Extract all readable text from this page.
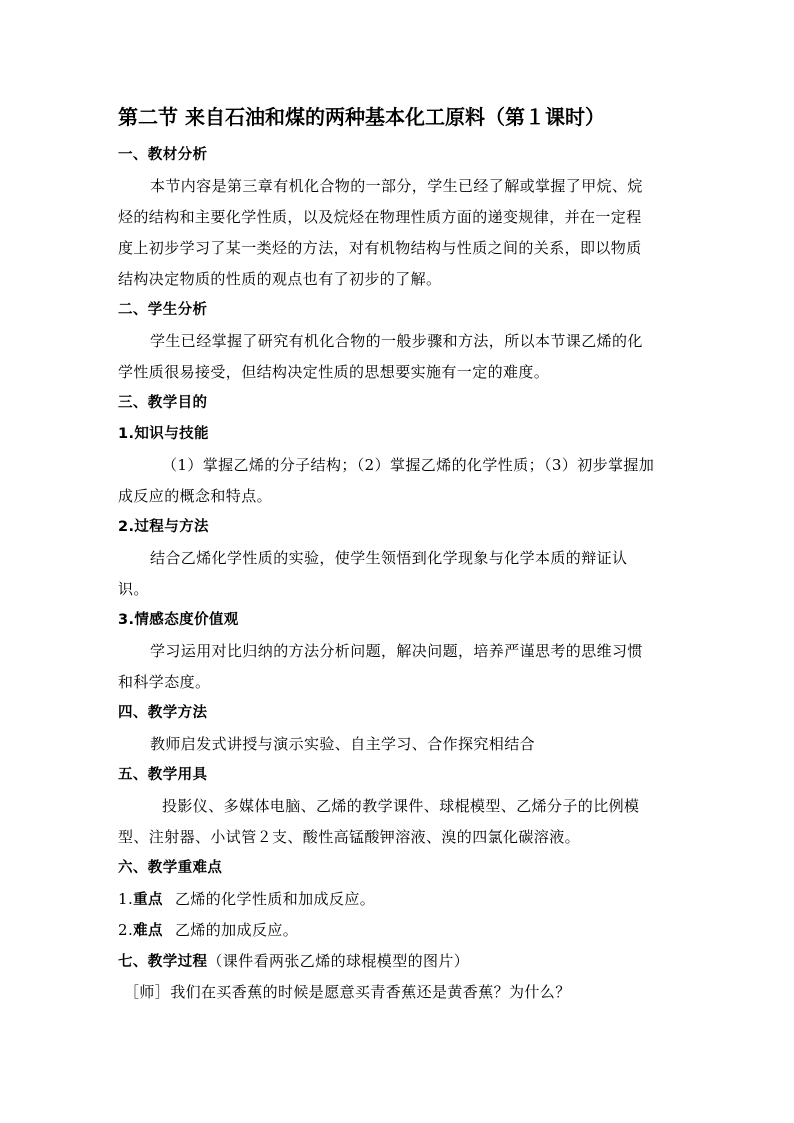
第二节 来自石油和煤的两种基本化工原料（第１课时）
一、教材分析
本节内容是第三章有机化合物的一部分，学生已经了解或掌握了甲烷、烷
烃的结构和主要化学性质，以及烷烃在物理性质方面的递变规律，并在一定程
度上初步学习了某一类烃的方法，对有机物结构与性质之间的关系，即以物质
结构决定物质的性质的观点也有了初步的了解。
二、学生分析
学生已经掌握了研究有机化合物的一般步骤和方法，所以本节课乙烯的化
学性质很易接受，但结构决定性质的思想要实施有一定的难度。
三、教学目的
1.知识与技能
（1）掌握乙烯的分子结构；（2）掌握乙烯的化学性质；（3）初步掌握加
成反应的概念和特点。
2.过程与方法
结合乙烯化学性质的实验，使学生领悟到化学现象与化学本质的辩证认
识。
3.情感态度价值观
学习运用对比归纳的方法分析问题，解决问题，培养严谨思考的思维习惯
和科学态度。
四、教学方法
教师启发式讲授与演示实验、自主学习、合作探究相结合
五、教学用具
投影仪、多媒体电脑、乙烯的教学课件、球棍模型、乙烯分子的比例模
型、注射器、小试管２支、酸性高锰酸钾溶液、溴的四氯化碳溶液。
六、教学重难点
1.重点 乙烯的化学性质和加成反应。
2.难点 乙烯的加成反应。
七、教学过程（课件看两张乙烯的球棍模型的图片）
［师］我们在买香蕉的时候是愿意买青香蕉还是黄香蕉？为什么？
